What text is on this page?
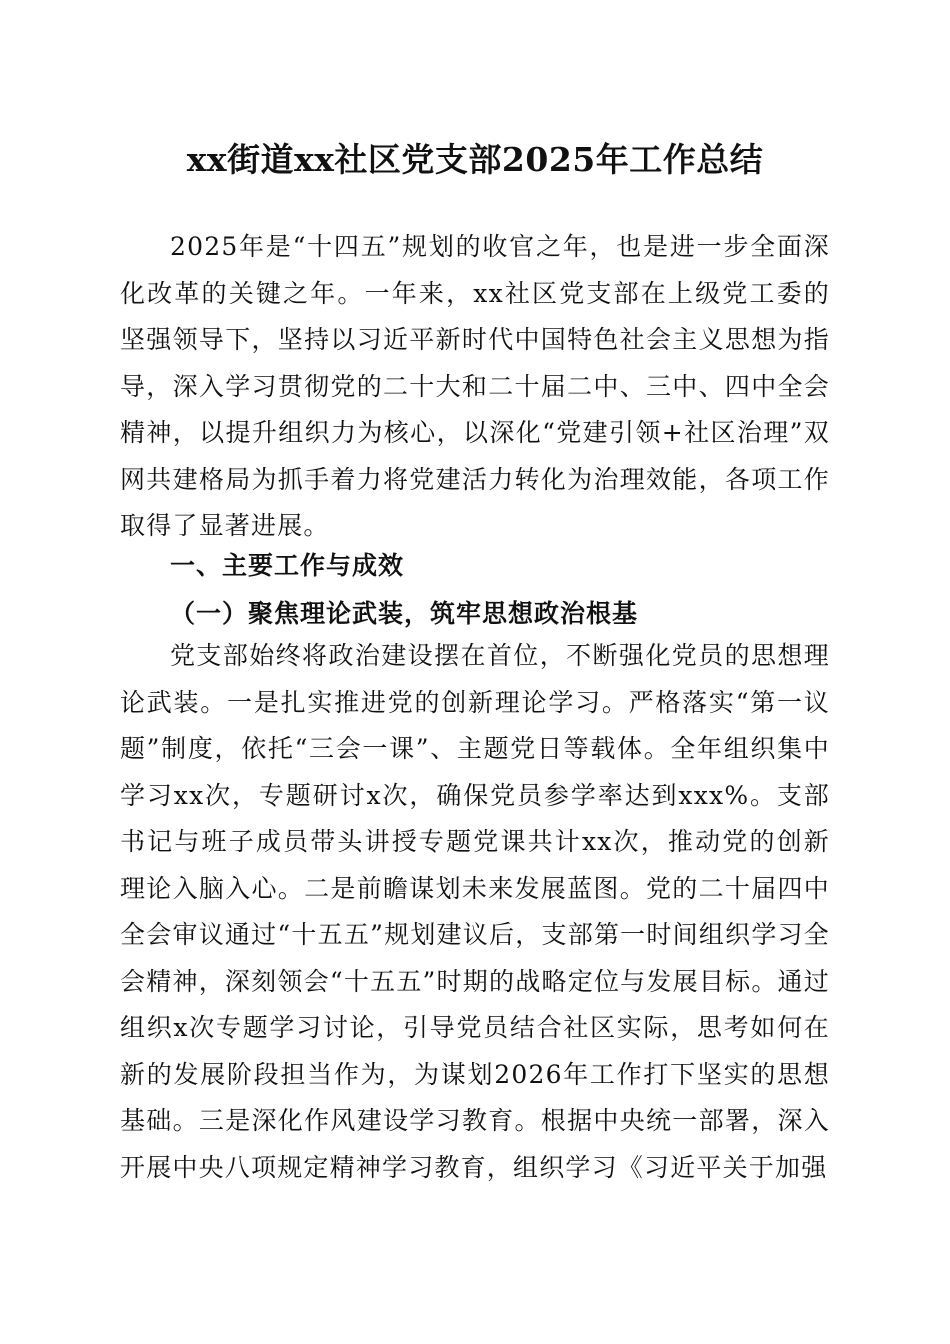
xx街道xx社区党支部2025年工作总结

2025年是“十四五”规划的收官之年，也是进一步全面深化改革的关键之年。一年来，xx社区党支部在上级党工委的坚强领导下，坚持以习近平新时代中国特色社会主义思想为指导，深入学习贯彻党的二十大和二十届二中、三中、四中全会精神，以提升组织力为核心，以深化“党建引领+社区治理”双网共建格局为抓手着力将党建活力转化为治理效能，各项工作取得了显著进展。

一、主要工作与成效
（一）聚焦理论武装，筑牢思想政治根基

党支部始终将政治建设摆在首位，不断强化党员的思想理论武装。一是扎实推进党的创新理论学习。严格落实“第一议题”制度，依托“三会一课”、主题党日等载体。全年组织集中学习xx次，专题研讨x次，确保党员参学率达到xxx%。支部书记与班子成员带头讲授专题党课共计xx次，推动党的创新理论入脑入心。二是前瞻谋划未来发展蓝图。党的二十届四中全会审议通过“十五五”规划建议后，支部第一时间组织学习全会精神，深刻领会“十五五”时期的战略定位与发展目标。通过组织x次专题学习讨论，引导党员结合社区实际，思考如何在新的发展阶段担当作为，为谋划2026年工作打下坚实的思想基础。三是深化作风建设学习教育。根据中央统一部署，深入开展中央八项规定精神学习教育，组织学习《习近平关于加强
